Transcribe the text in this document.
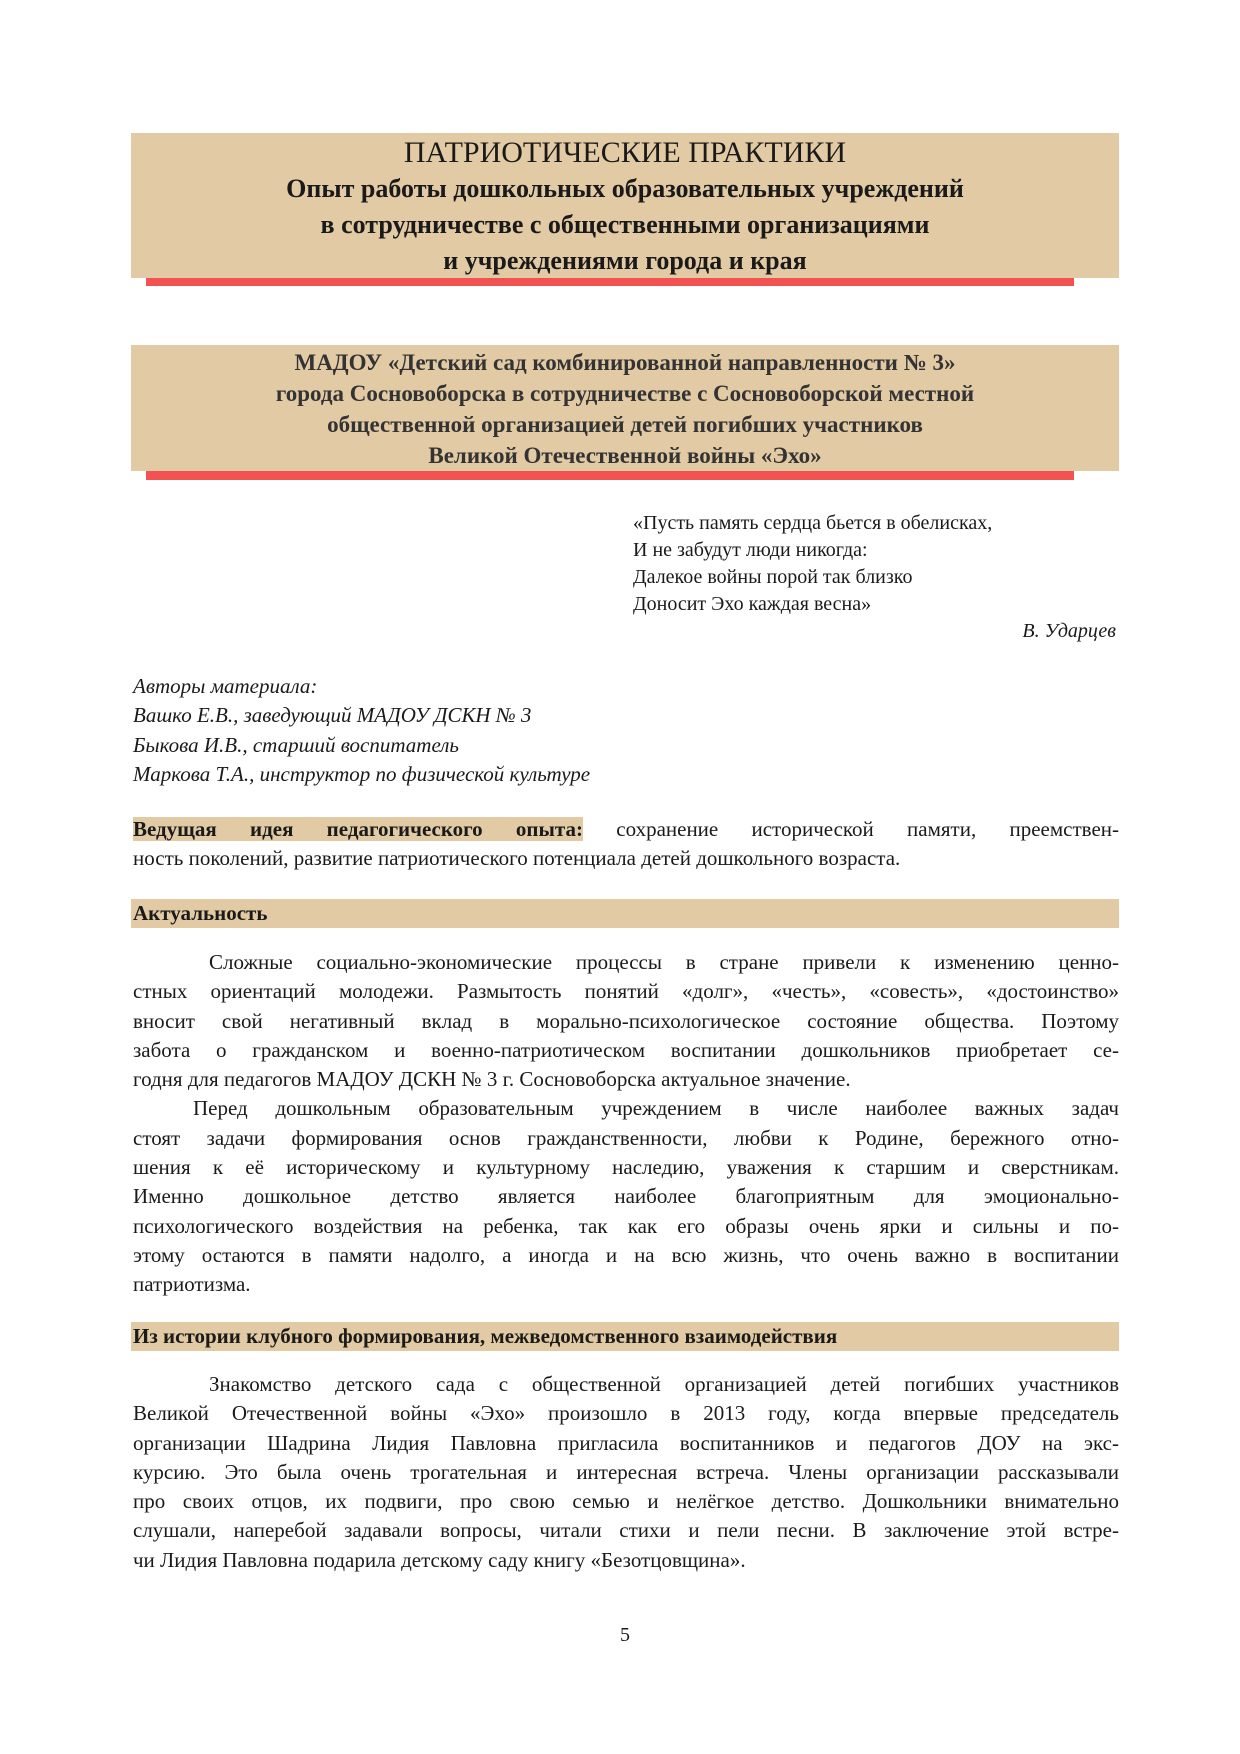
ПАТРИОТИЧЕСКИЕ ПРАКТИКИ
Опыт работы дошкольных образовательных учреждений
в сотрудничестве с общественными организациями
и учреждениями города и края
МАДОУ «Детский сад комбинированной направленности № 3»
города Сосновоборска в сотрудничестве с Сосновоборской местной
общественной организацией детей погибших участников
Великой Отечественной войны «Эхо»
«Пусть память сердца бьется в обелисках,
И не забудут люди никогда:
Далекое войны порой так близко
Доносит Эхо каждая весна»
В. Ударцев
Авторы материала:
Вашко Е.В., заведующий МАДОУ ДСКН № 3
Быкова И.В., старший воспитатель
Маркова Т.А., инструктор по физической культуре
Ведущая идея педагогического опыта: сохранение исторической памяти, преемствен-
ность поколений, развитие патриотического потенциала детей дошкольного возраста.
Актуальность
Сложные социально-экономические процессы в стране привели к изменению ценно-
стных ориентаций молодежи. Размытость понятий «долг», «честь», «совесть», «достоинство»
вносит свой негативный вклад в морально-психологическое состояние общества. Поэтому
забота о гражданском и военно-патриотическом воспитании дошкольников приобретает се-
годня для педагогов МАДОУ ДСКН № 3 г. Сосновоборска актуальное значение.
Перед дошкольным образовательным учреждением в числе наиболее важных задач
стоят задачи формирования основ гражданственности, любви к Родине, бережного отно-
шения к её историческому и культурному наследию, уважения к старшим и сверстникам.
Именно дошкольное детство является наиболее благоприятным для эмоционально-
психологического воздействия на ребенка, так как его образы очень ярки и сильны и по-
этому остаются в памяти надолго, а иногда и на всю жизнь, что очень важно в воспитании
патриотизма.
Из истории клубного формирования, межведомственного взаимодействия
Знакомство детского сада с общественной организацией детей погибших участников
Великой Отечественной войны «Эхо» произошло в 2013 году, когда впервые председатель
организации Шадрина Лидия Павловна пригласила воспитанников и педагогов ДОУ на экс-
курсию. Это была очень трогательная и интересная встреча. Члены организации рассказывали
про своих отцов, их подвиги, про свою семью и нелёгкое детство. Дошкольники внимательно
слушали, наперебой задавали вопросы, читали стихи и пели песни. В заключение этой встре-
чи Лидия Павловна подарила детскому саду книгу «Безотцовщина».
5
